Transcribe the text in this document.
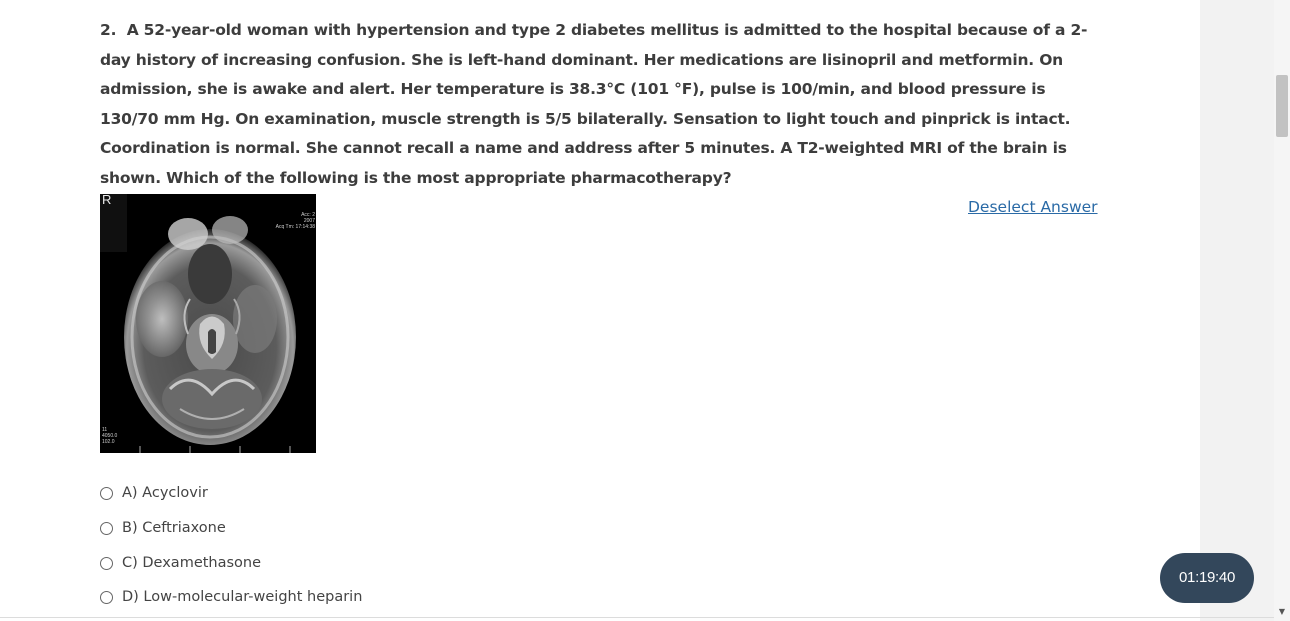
2. A 52-year-old woman with hypertension and type 2 diabetes mellitus is admitted to the hospital because of a 2-day history of increasing confusion. She is left-hand dominant. Her medications are lisinopril and metformin. On admission, she is awake and alert. Her temperature is 38.3°C (101 °F), pulse is 100/min, and blood pressure is 130/70 mm Hg. On examination, muscle strength is 5/5 bilaterally. Sensation to light touch and pinprick is intact. Coordination is normal. She cannot recall a name and address after 5 minutes. A T2-weighted MRI of the brain is shown. Which of the following is the most appropriate pharmacotherapy?
Deselect Answer
R
Acc: 2
2007
Acq Tm: 17:14:38
11
4050.0
102.0
A) Acyclovir
B) Ceftriaxone
C) Dexamethasone
D) Low-molecular-weight heparin
▼
01:19:40
